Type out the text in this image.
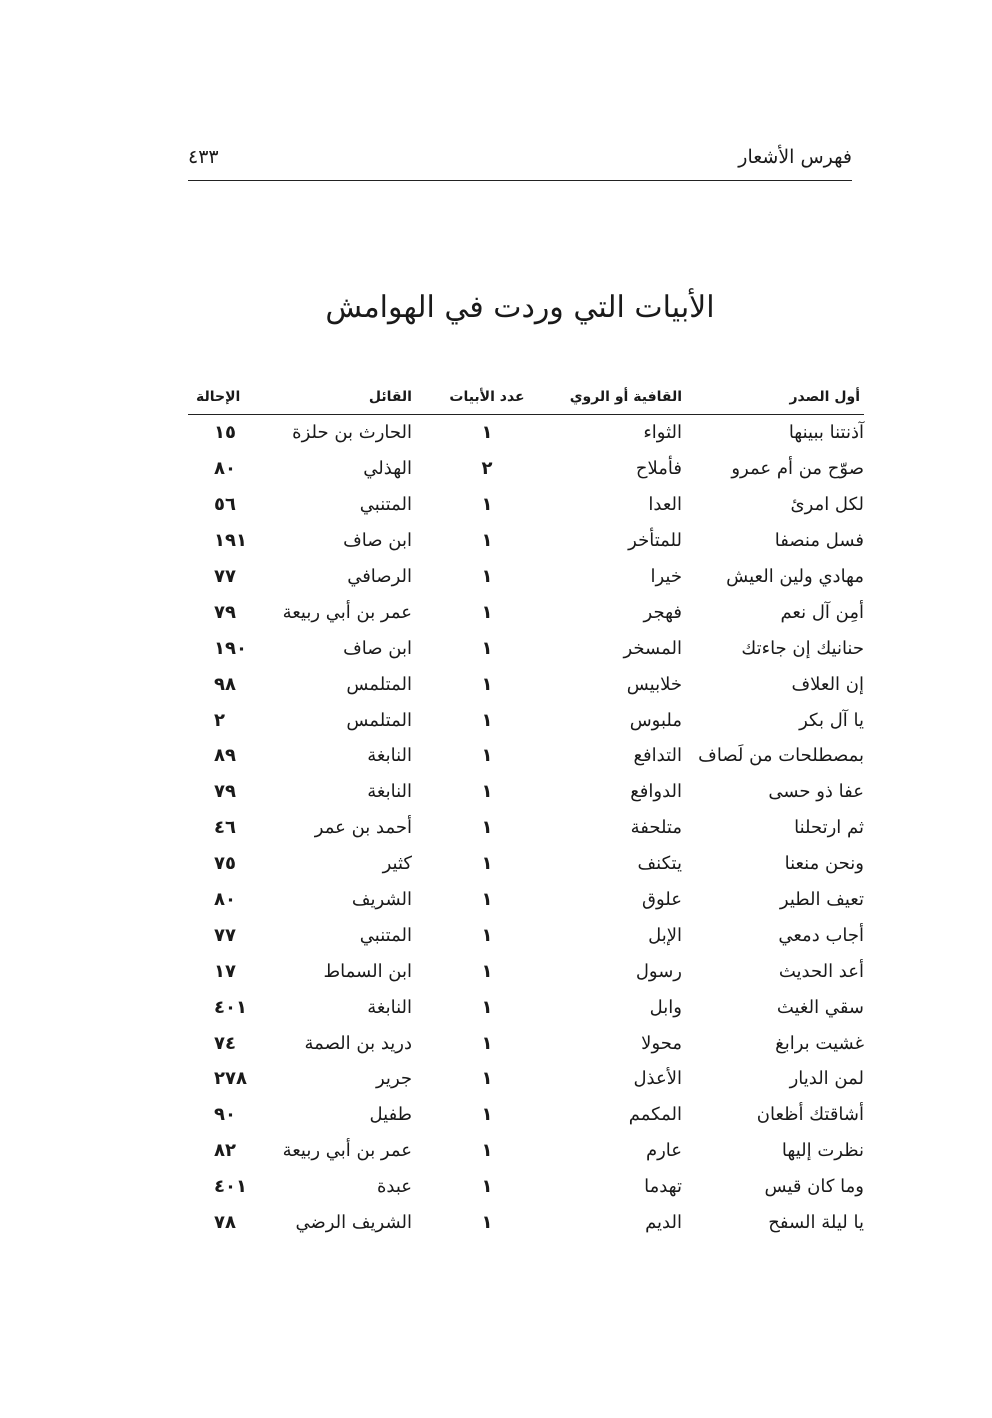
فهرس الأشعار
٤٣٣
الأبيات التي وردت في الهوامش
أول الصدر	القافية أو الروي	عدد الأبيات	القائل	الإحالة
آذنتنا ببينها	الثواء	١	الحارث بن حلزة	١٥
صوّح من أم عمرو	فأملاح	٢	الهذلي	٨٠
لكل امرئ	العدا	١	المتنبي	٥٦
فسل منصفا	للمتأخر	١	ابن صاف	١٩١
مهادي ولين العيش	خيرا	١	الرصافي	٧٧
أمِن آل نعم	فهجر	١	عمر بن أبي ربيعة	٧٩
حنانيك إن جاءتك	المسخر	١	ابن صاف	١٩٠
إن العلاف	خلابيس	١	المتلمس	٩٨
يا آل بكر	ملبوس	١	المتلمس	٢
بمصطلحات من لَصاف	التدافع	١	النابغة	٨٩
عفا ذو حسى	الدوافع	١	النابغة	٧٩
ثم ارتحلنا	متلحفة	١	أحمد بن عمر	٤٦
ونحن منعنا	يتكنف	١	كثير	٧٥
تعيف الطير	علوق	١	الشريف	٨٠
أجاب دمعي	الإبل	١	المتنبي	٧٧
أعد الحديث	رسول	١	ابن السماط	١٧
سقي الغيث	وابل	١	النابغة	٤٠١
غشيت برابغ	محولا	١	دريد بن الصمة	٧٤
لمن الديار	الأعذل	١	جرير	٢٧٨
أشاقتك أظعان	المكمم	١	طفيل	٩٠
نظرت إليها	عارم	١	عمر بن أبي ربيعة	٨٢
وما كان قيس	تهدما	١	عبدة	٤٠١
يا ليلة السفح	الديم	١	الشريف الرضي	٧٨
